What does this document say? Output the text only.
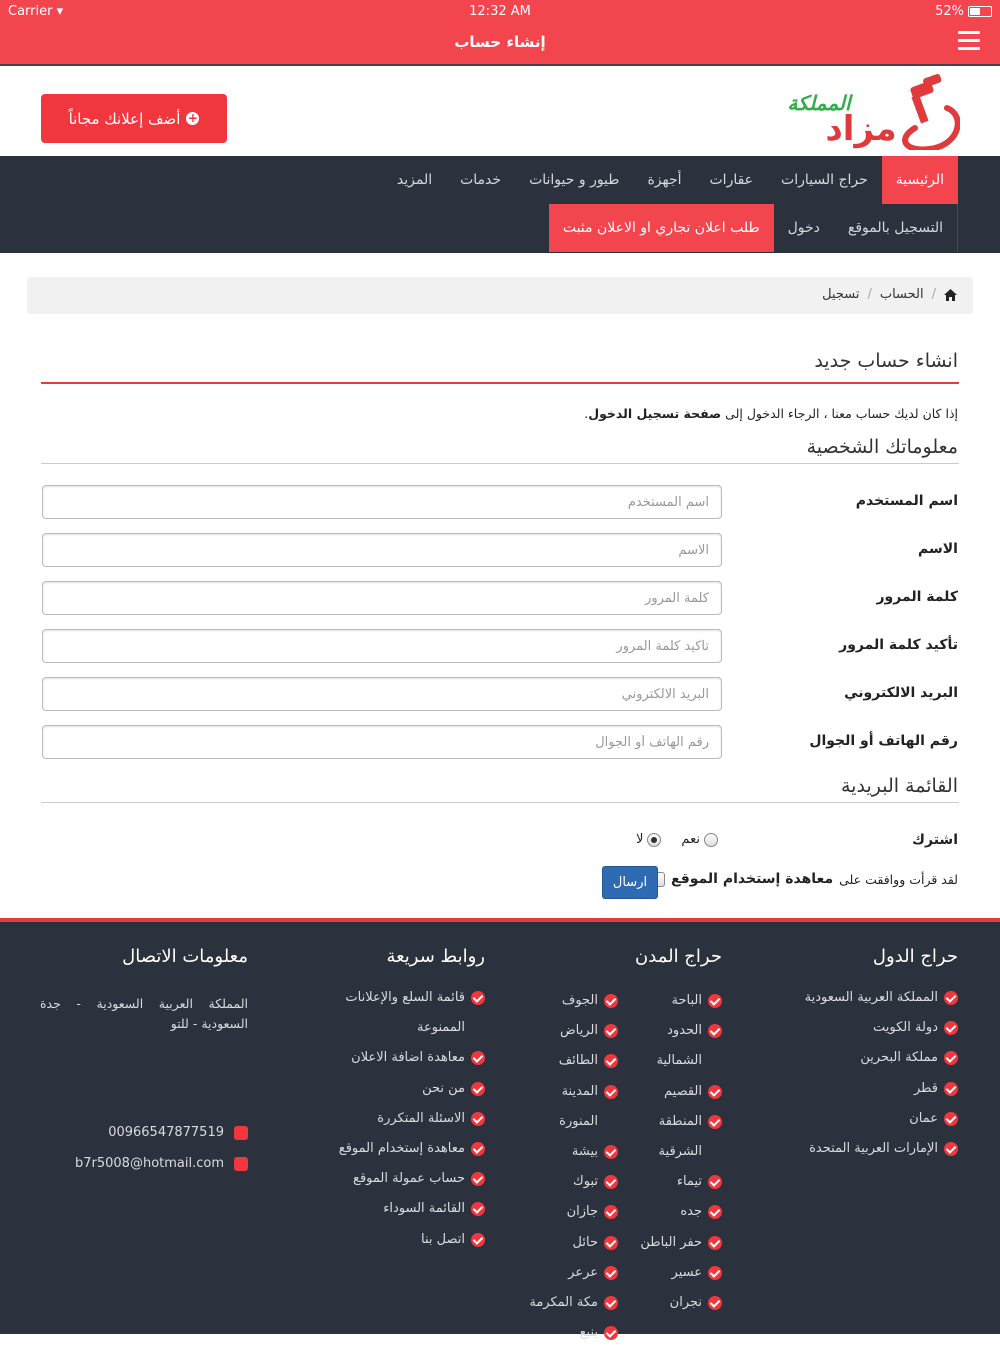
Carrier ▾	12:32 AM	52%
إنشاء حساب
+
أضف إعلانك مجاناً	مزاد
المملكة
الرئيسية
حراج السيارات
عقارات
أجهزة
طيور و حيوانات
خدمات
المزيد
التسجيل بالموقع
دخول
طلب اعلان تجاري او الاعلان مثبت
/
الحساب
/
تسجيل
انشاء حساب جديد
إذا كان لديك حساب معنا ، الرجاء الدخول إلى صفحة تسجيل الدخول.
معلوماتك الشخصية
اسم المستخدم
اسم المستخدم
الاسم
الاسم
كلمة المرور
تأكيد كلمة المرور
البريد الالكتروني
البريد الالكتروني
رقم الهاتف أو الجوال
رقم الهاتف أو الجوال
القائمة البريدية
اشترك
نعم
لا
لقد قرأت ووافقت على
معاهدة إستخدام الموقع
ارسال
حراج الدول
المملكة العربية السعودية
دولة الكويت
مملكة البحرين
قطر
عمان
الإمارات العربية المتحدة
حراج المدن
الباحة
الحدود
الشمالية
القصيم
المنطقة
الشرقية
تيماء
جده
حفر الباطن
عسير
نجران
الجوف
الرياض
الطائف
المدينة
المنورة
بيشة
تبوك
جازان
حائل
عرعر
مكة المكرمة
ينبع
روابط سريعة
قائمة السلع والإعلانات
الممنوعة
معاهدة اضافة الاعلان
من نحن
الاسئلة المتكررة
معاهدة إستخدام الموقع
حساب عمولة الموقع
القائمة السوداء
اتصل بنا
معلومات الاتصال
المملكة العربية السعودية - جدة السعودية - للتو
00966547877519
b7r5008@hotmail.com
